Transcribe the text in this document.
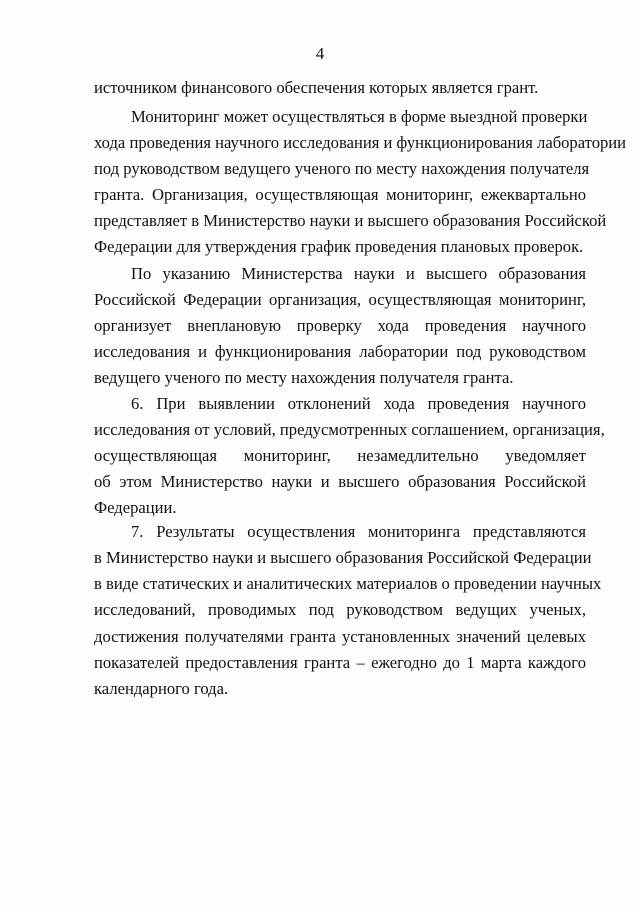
4
источником финансового обеспечения которых является грант.
Мониторинг может осуществляться в форме выездной проверки
хода проведения научного исследования и функционирования лаборатории
под руководством ведущего ученого по месту нахождения получателя
гранта. Организация, осуществляющая мониторинг, ежеквартально
представляет в Министерство науки и высшего образования Российской
Федерации для утверждения график проведения плановых проверок.
По указанию Министерства науки и высшего образования
Российской Федерации организация, осуществляющая мониторинг,
организует внеплановую проверку хода проведения научного
исследования и функционирования лаборатории под руководством
ведущего ученого по месту нахождения получателя гранта.
6. При выявлении отклонений хода проведения научного
исследования от условий, предусмотренных соглашением, организация,
осуществляющая мониторинг, незамедлительно уведомляет
об этом Министерство науки и высшего образования Российской
Федерации.
7. Результаты осуществления мониторинга представляются
в Министерство науки и высшего образования Российской Федерации
в виде статических и аналитических материалов о проведении научных
исследований, проводимых под руководством ведущих ученых,
достижения получателями гранта установленных значений целевых
показателей предоставления гранта – ежегодно до 1 марта каждого
календарного года.
